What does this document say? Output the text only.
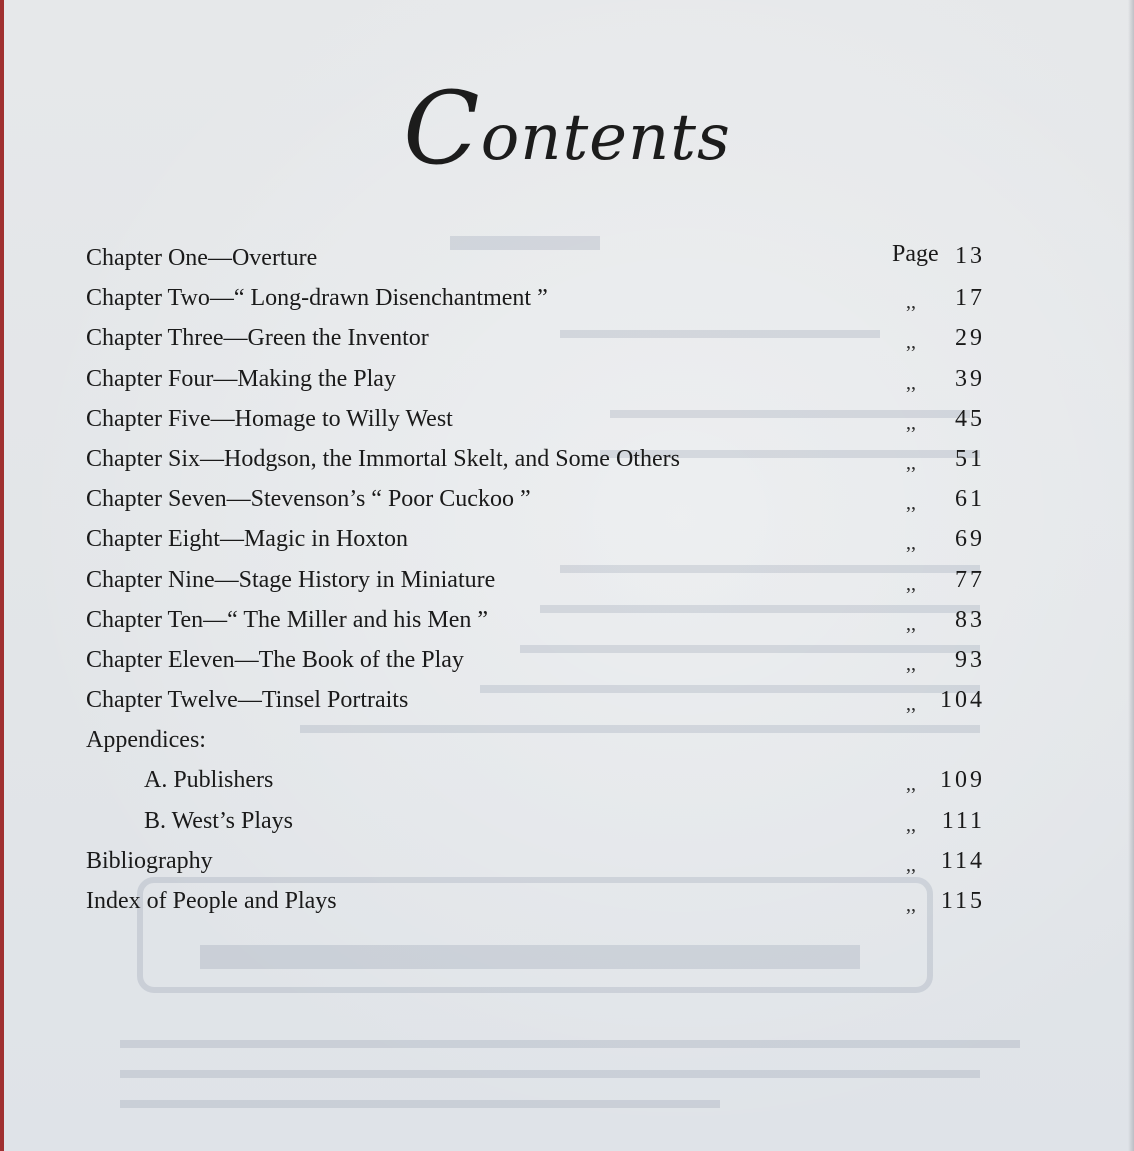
Contents
Chapter One—Overture	Page 13
Chapter Two—“ Long-drawn Disenchantment ”	,, 17
Chapter Three—Green the Inventor	,, 29
Chapter Four—Making the Play	,, 39
Chapter Five—Homage to Willy West	,, 45
Chapter Six—Hodgson, the Immortal Skelt, and Some Others	,, 51
Chapter Seven—Stevenson’s “ Poor Cuckoo ”	,, 61
Chapter Eight—Magic in Hoxton	,, 69
Chapter Nine—Stage History in Miniature	,, 77
Chapter Ten—“ The Miller and his Men ”	,, 83
Chapter Eleven—The Book of the Play	,, 93
Chapter Twelve—Tinsel Portraits	,, 104
Appendices:
A. Publishers	,, 109
B. West’s Plays	,, 111
Bibliography	,, 114
Index of People and Plays	,, 115
